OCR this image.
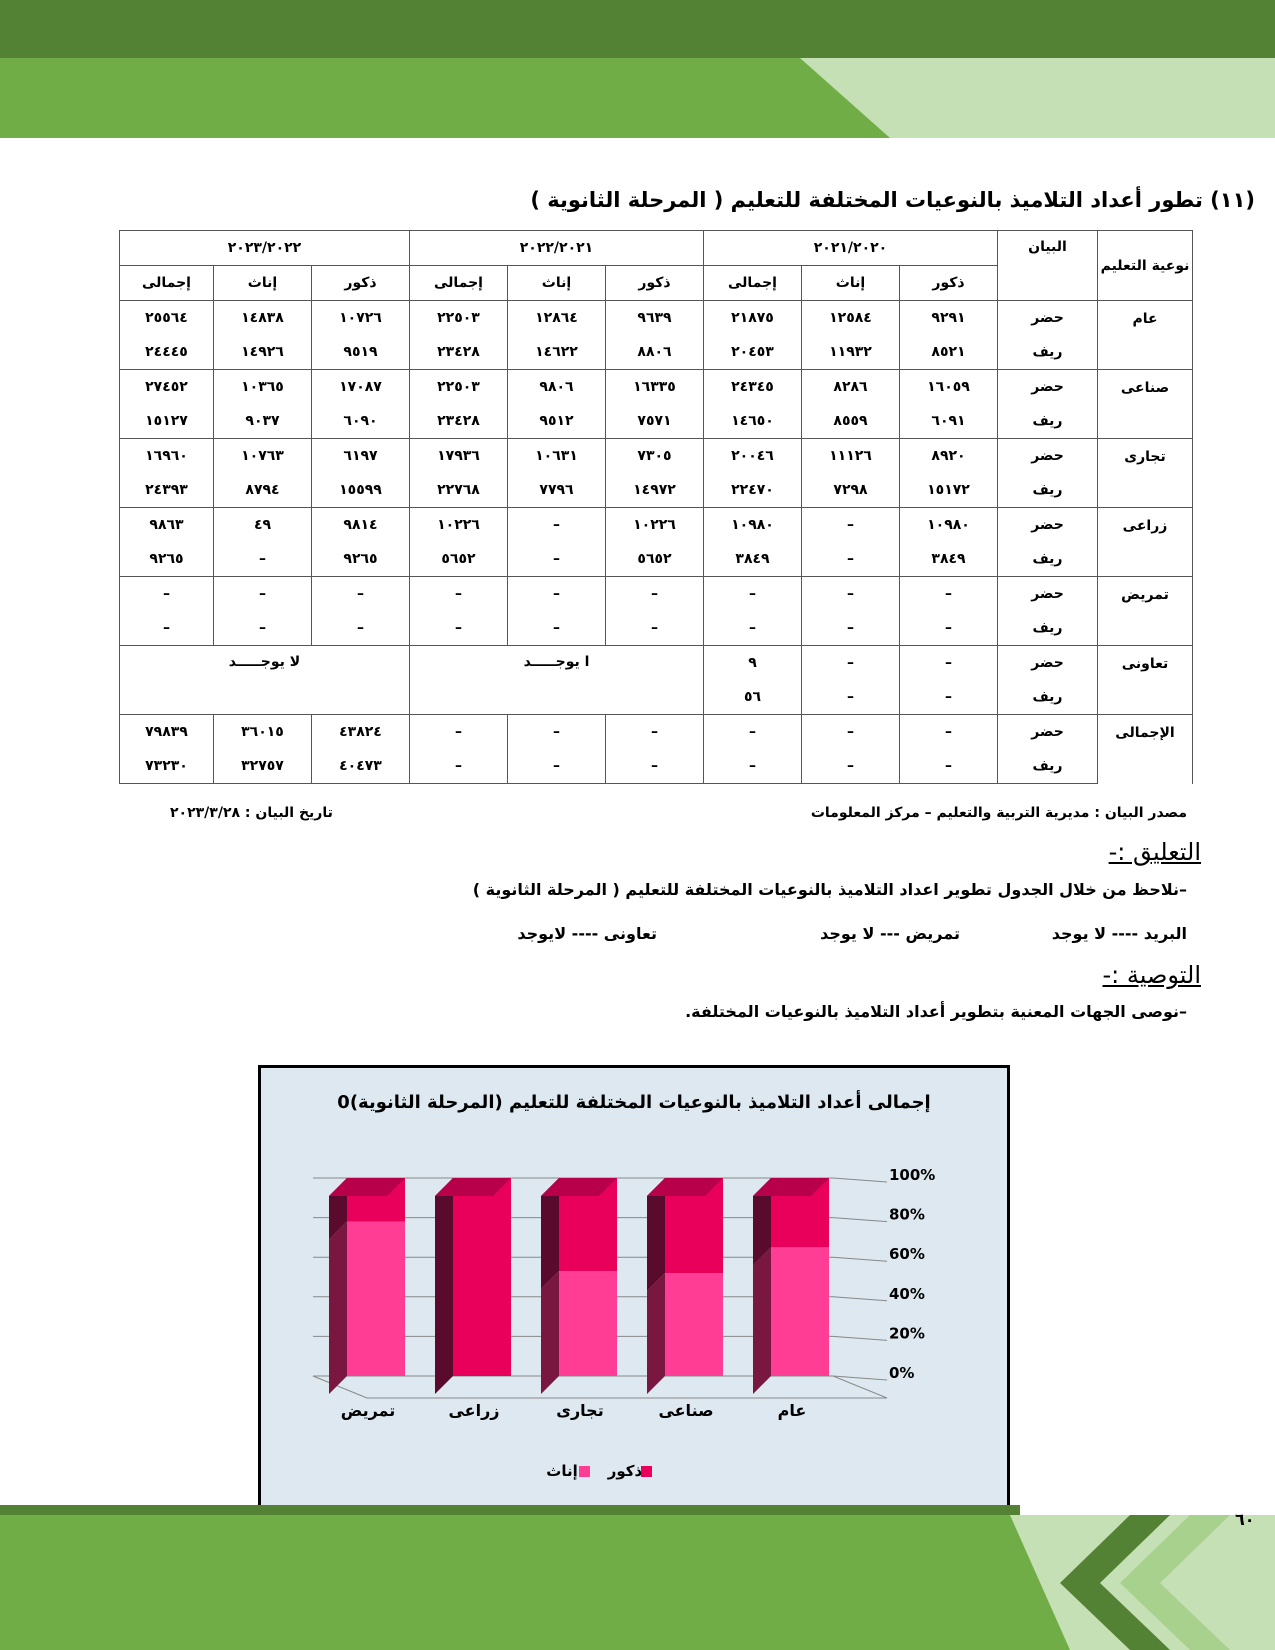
(١١) تطور أعداد التلاميذ بالنوعيات المختلفة للتعليم ( المرحلة الثانوية )
نوعية التعليم	البيان	٢٠٢١/٢٠٢٠			٢٠٢٢/٢٠٢١			٢٠٢٣/٢٠٢٢		
		ذكور	إناث	إجمالى	ذكور	إناث	إجمالى	ذكور	إناث	إجمالى
عام	حضر	٩٢٩١	١٢٥٨٤	٢١٨٧٥	٩٦٣٩	١٢٨٦٤	٢٢٥٠٣	١٠٧٢٦	١٤٨٣٨	٢٥٥٦٤
	ريف	٨٥٢١	١١٩٣٢	٢٠٤٥٣	٨٨٠٦	١٤٦٢٢	٢٣٤٢٨	٩٥١٩	١٤٩٢٦	٢٤٤٤٥
صناعى	حضر	١٦٠٥٩	٨٢٨٦	٢٤٣٤٥	١٦٣٣٥	٩٨٠٦	٢٢٥٠٣	١٧٠٨٧	١٠٣٦٥	٢٧٤٥٢
	ريف	٦٠٩١	٨٥٥٩	١٤٦٥٠	٧٥٧١	٩٥١٢	٢٣٤٢٨	٦٠٩٠	٩٠٣٧	١٥١٢٧
تجارى	حضر	٨٩٢٠	١١١٢٦	٢٠٠٤٦	٧٣٠٥	١٠٦٣١	١٧٩٣٦	٦١٩٧	١٠٧٦٣	١٦٩٦٠
	ريف	١٥١٧٢	٧٢٩٨	٢٢٤٧٠	١٤٩٧٢	٧٧٩٦	٢٢٧٦٨	١٥٥٩٩	٨٧٩٤	٢٤٣٩٣
زراعى	حضر	١٠٩٨٠	–	١٠٩٨٠	١٠٢٢٦	–	١٠٢٢٦	٩٨١٤	٤٩	٩٨٦٣
	ريف	٣٨٤٩	–	٣٨٤٩	٥٦٥٢	–	٥٦٥٢	٩٢٦٥	–	٩٢٦٥
تمريض	حضر	–	–	–	–	–	–	–	–	–
	ريف	–	–	–	–	–	–	–	–	–
تعاونى	حضر	–	–	٩	ا يوجـــــد			لا يوجـــــد		
	ريف	–	–	٥٦						
الإجمالى	حضر	–	–	–	–	–	–	٤٣٨٢٤	٣٦٠١٥	٧٩٨٣٩
	ريف	–	–	–	–	–	–	٤٠٤٧٣	٣٢٧٥٧	٧٣٢٣٠
مصدر البيان : مديرية التربية والتعليم – مركز المعلومات
تاريخ البيان : ٢٠٢٣/٣/٢٨
التعليق :-
–نلاحظ من خلال الجدول تطوير اعداد التلاميذ بالنوعيات المختلفة للتعليم ( المرحلة الثانوية )
البريد ---- لا يوجد
تمريض --- لا يوجد
تعاونى ---- لايوجد
التوصية :-
–نوصى الجهات المعنية بتطوير أعداد التلاميذ بالنوعيات المختلفة.
إجمالى أعداد التلاميذ بالنوعيات المختلفة للتعليم (المرحلة الثانوية)0
0%
20%
40%
60%
80%
100%
عام
صناعى
تجارى
زراعى
تمريض
ذكور
إناث
٦٠
